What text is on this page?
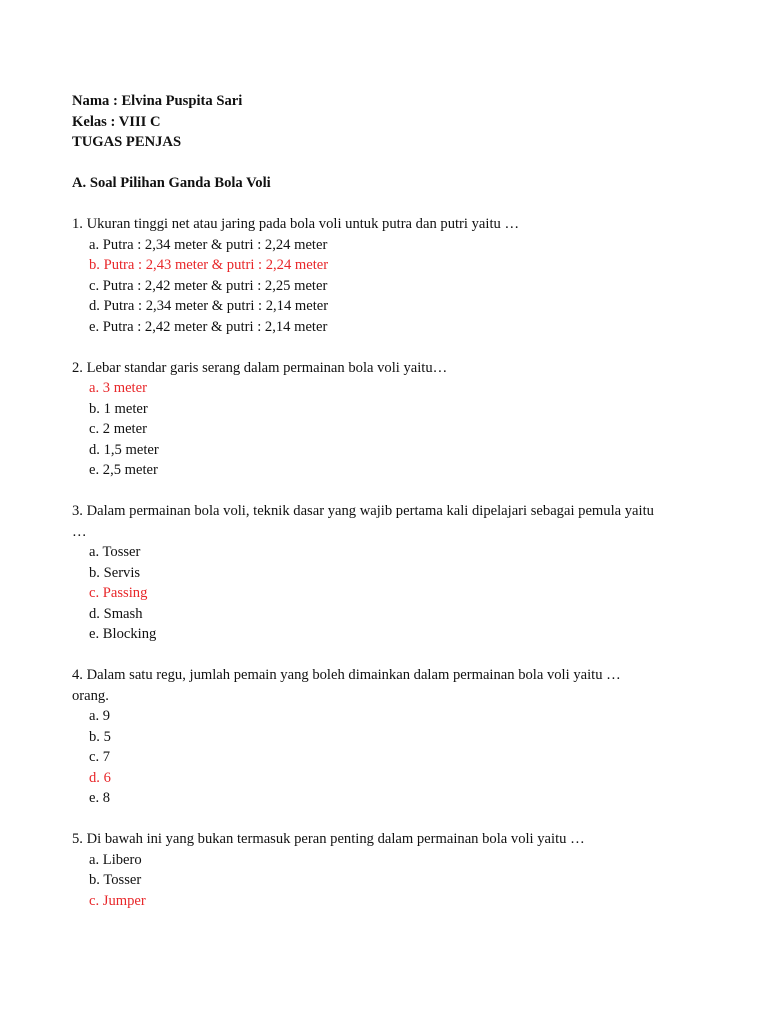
Nama : Elvina Puspita Sari
Kelas : VIII C
TUGAS PENJAS
A. Soal Pilihan Ganda Bola Voli
1. Ukuran tinggi net atau jaring pada bola voli untuk putra dan putri yaitu …
a. Putra : 2,34 meter & putri : 2,24 meter
b. Putra : 2,43 meter & putri : 2,24 meter
c. Putra : 2,42 meter & putri : 2,25 meter
d. Putra : 2,34 meter & putri : 2,14 meter
e. Putra : 2,42 meter & putri : 2,14 meter
2. Lebar standar garis serang dalam permainan bola voli yaitu…
a. 3 meter
b. 1 meter
c. 2 meter
d. 1,5 meter
e. 2,5 meter
3. Dalam permainan bola voli, teknik dasar yang wajib pertama kali dipelajari sebagai pemula yaitu
…
a. Tosser
b. Servis
c. Passing
d. Smash
e. Blocking
4. Dalam satu regu, jumlah pemain yang boleh dimainkan dalam permainan bola voli yaitu …
orang.
a. 9
b. 5
c. 7
d. 6
e. 8
5. Di bawah ini yang bukan termasuk peran penting dalam permainan bola voli yaitu …
a. Libero
b. Tosser
c. Jumper
